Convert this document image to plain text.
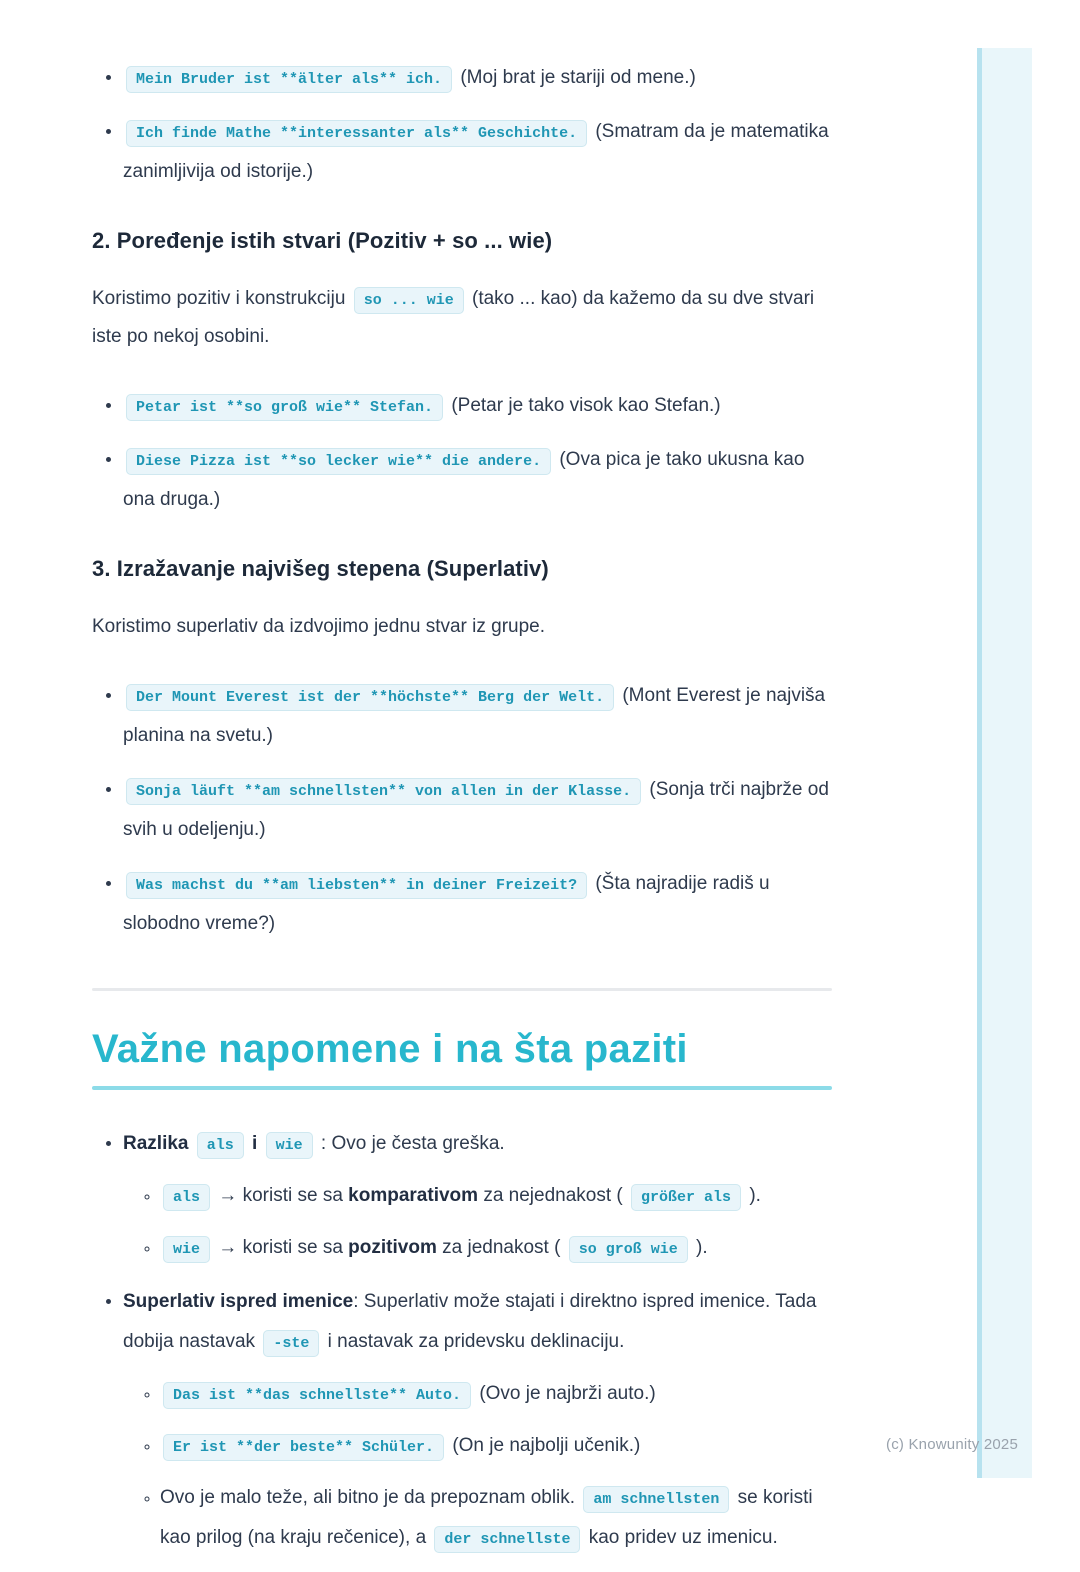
• Mein Bruder ist **älter als** ich. (Moj brat je stariji od mene.)
• Ich finde Mathe **interessanter als** Geschichte. (Smatram da je matematika zanimljivija od istorije.)
2. Poređenje istih stvari (Pozitiv + so ... wie)

Koristimo pozitiv i konstrukciju so ... wie (tako ... kao) da kažemo da su dve stvari iste po nekoj osobini.

• Petar ist **so groß wie** Stefan. (Petar je tako visok kao Stefan.)
• Diese Pizza ist **so lecker wie** die andere. (Ova pica je tako ukusna kao ona druga.)
3. Izražavanje najvišeg stepena (Superlativ)

Koristimo superlativ da izdvojimo jednu stvar iz grupe.

• Der Mount Everest ist der **höchste** Berg der Welt. (Mont Everest je najviša planina na svetu.)
• Sonja läuft **am schnellsten** von allen in der Klasse. (Sonja trči najbrže od svih u odeljenju.)
• Was machst du **am liebsten** in deiner Freizeit? (Šta najradije radiš u slobodno vreme?)
Važne napomene i na šta paziti
• Razlika als i wie : Ovo je česta greška.
◦ als → koristi se sa komparativom za nejednakost ( größer als ).
◦ wie → koristi se sa pozitivom za jednakost ( so groß wie ).
• Superlativ ispred imenice: Superlativ može stajati i direktno ispred imenice. Tada dobija nastavak -ste i nastavak za pridevsku deklinaciju.
◦ Das ist **das schnellste** Auto. (Ovo je najbrži auto.)
◦ Er ist **der beste** Schüler. (On je najbolji učenik.)
◦ Ovo je malo teže, ali bitno je da prepoznam oblik. am schnellsten se koristi kao prilog (na kraju rečenice), a der schnellste kao pridev uz imenicu.
(c) Knowunity 2025
